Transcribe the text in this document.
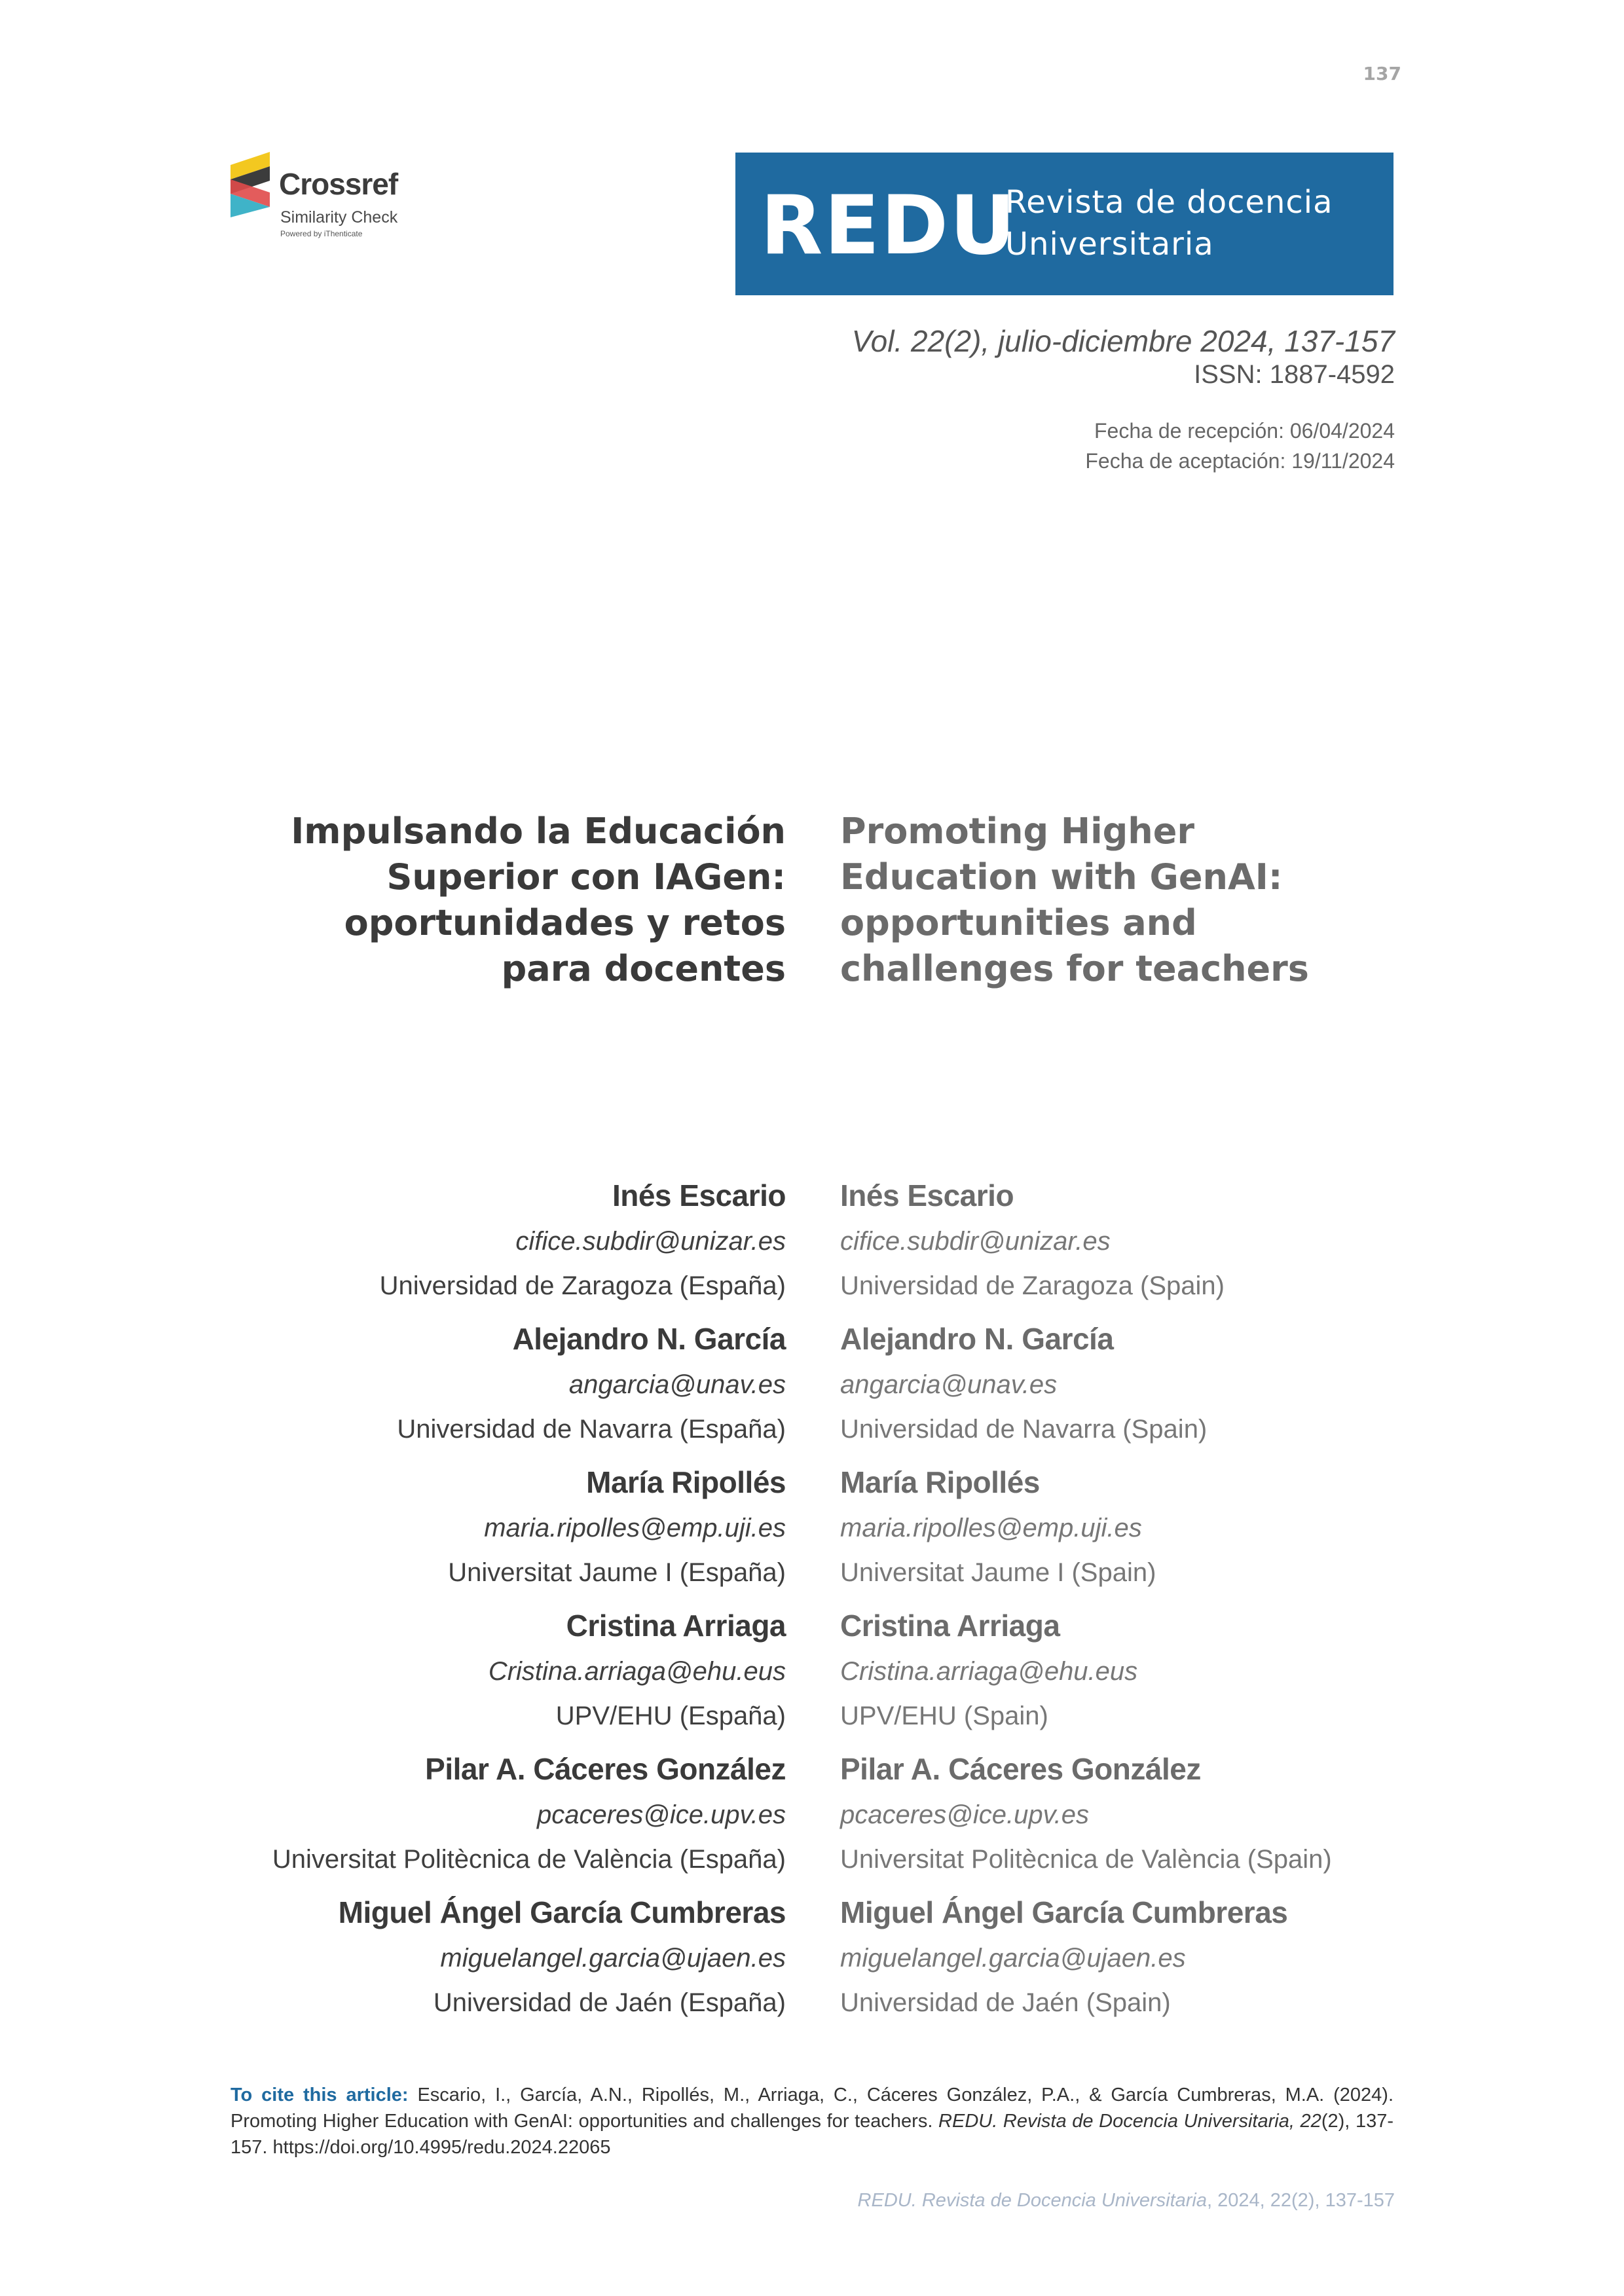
137
Crossref
Similarity Check
Powered by iThenticate	REDU
Revista de docencia
Universitaria
Vol. 22(2), julio-diciembre 2024, 137-157
ISSN: 1887-4592
Fecha de recepción: 06/04/2024
Fecha de aceptación: 19/11/2024
Impulsando la Educación Superior con IAGen: oportunidades y retos para docentes
Promoting Higher Education with GenAI: opportunities and challenges for teachers
Inés Escario
cifice.subdir@unizar.es
Universidad de Zaragoza (España)
Alejandro N. García
angarcia@unav.es
Universidad de Navarra (España)
María Ripollés
maria.ripolles@emp.uji.es
Universitat Jaume I (España)
Cristina Arriaga
Cristina.arriaga@ehu.eus
UPV/EHU (España)
Pilar A. Cáceres González
pcaceres@ice.upv.es
Universitat Politècnica de València (España)
Miguel Ángel García Cumbreras
miguelangel.garcia@ujaen.es
Universidad de Jaén (España)
Inés Escario
cifice.subdir@unizar.es
Universidad de Zaragoza (Spain)
Alejandro N. García
angarcia@unav.es
Universidad de Navarra (Spain)
María Ripollés
maria.ripolles@emp.uji.es
Universitat Jaume I (Spain)
Cristina Arriaga
Cristina.arriaga@ehu.eus
UPV/EHU (Spain)
Pilar A. Cáceres González
pcaceres@ice.upv.es
Universitat Politècnica de València (Spain)
Miguel Ángel García Cumbreras
miguelangel.garcia@ujaen.es
Universidad de Jaén (Spain)
To cite this article: Escario, I., García, A.N., Ripollés, M., Arriaga, C., Cáceres González, P.A., & García Cumbreras, M.A. (2024). Promoting Higher Education with GenAI: opportunities and challenges for teachers. REDU. Revista de Docencia Universitaria, 22(2), 137-157. https://doi.org/10.4995/redu.2024.22065
REDU. Revista de Docencia Universitaria, 2024, 22(2), 137-157
